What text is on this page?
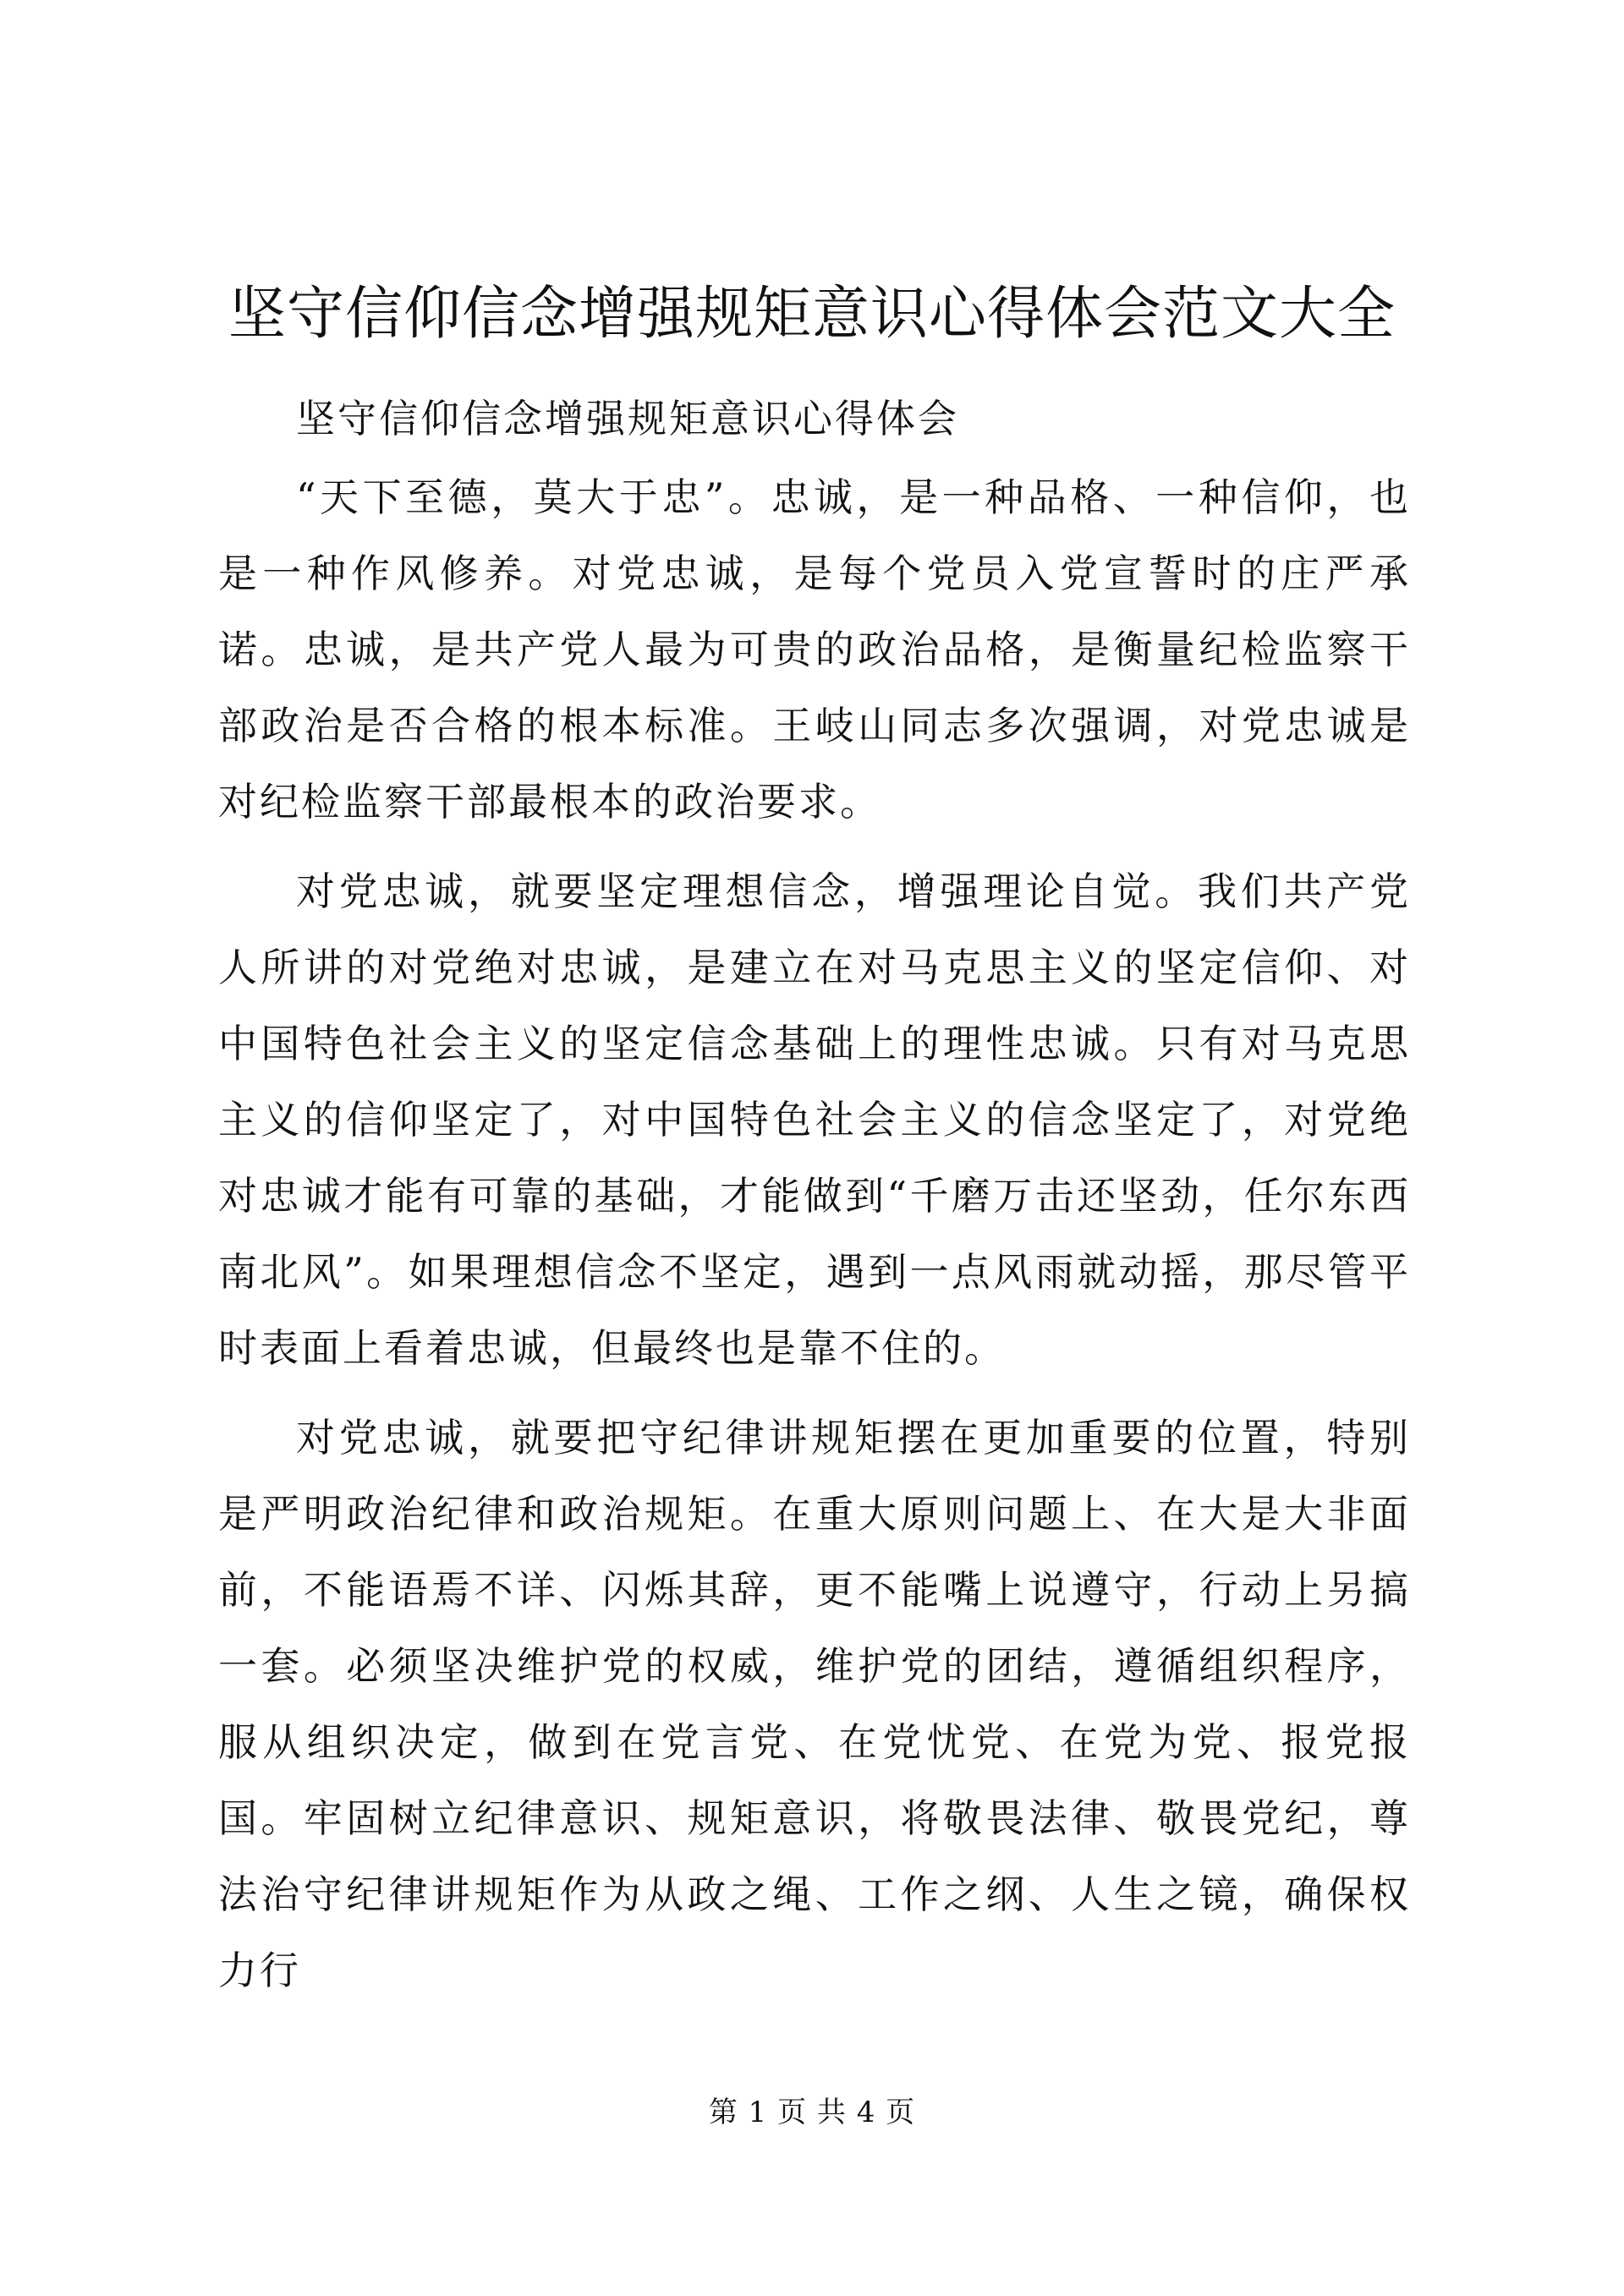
坚守信仰信念增强规矩意识心得体会范文大全

坚守信仰信念增强规矩意识心得体会

“天下至德，莫大于忠”。忠诚，是一种品格、一种信仰，也是一种作风修养。对党忠诚，是每个党员入党宣誓时的庄严承诺。忠诚，是共产党人最为可贵的政治品格，是衡量纪检监察干部政治是否合格的根本标准。王岐山同志多次强调，对党忠诚是对纪检监察干部最根本的政治要求。

对党忠诚，就要坚定理想信念，增强理论自觉。我们共产党人所讲的对党绝对忠诚，是建立在对马克思主义的坚定信仰、对中国特色社会主义的坚定信念基础上的理性忠诚。只有对马克思主义的信仰坚定了，对中国特色社会主义的信念坚定了，对党绝对忠诚才能有可靠的基础，才能做到“千磨万击还坚劲，任尔东西南北风”。如果理想信念不坚定，遇到一点风雨就动摇，那尽管平时表面上看着忠诚，但最终也是靠不住的。

对党忠诚，就要把守纪律讲规矩摆在更加重要的位置，特别是严明政治纪律和政治规矩。在重大原则问题上、在大是大非面前，不能语焉不详、闪烁其辞，更不能嘴上说遵守，行动上另搞一套。必须坚决维护党的权威，维护党的团结，遵循组织程序，服从组织决定，做到在党言党、在党忧党、在党为党、报党报国。牢固树立纪律意识、规矩意识，将敬畏法律、敬畏党纪，尊法治守纪律讲规矩作为从政之绳、工作之纲、人生之镜，确保权力行

第 1 页 共 4 页
